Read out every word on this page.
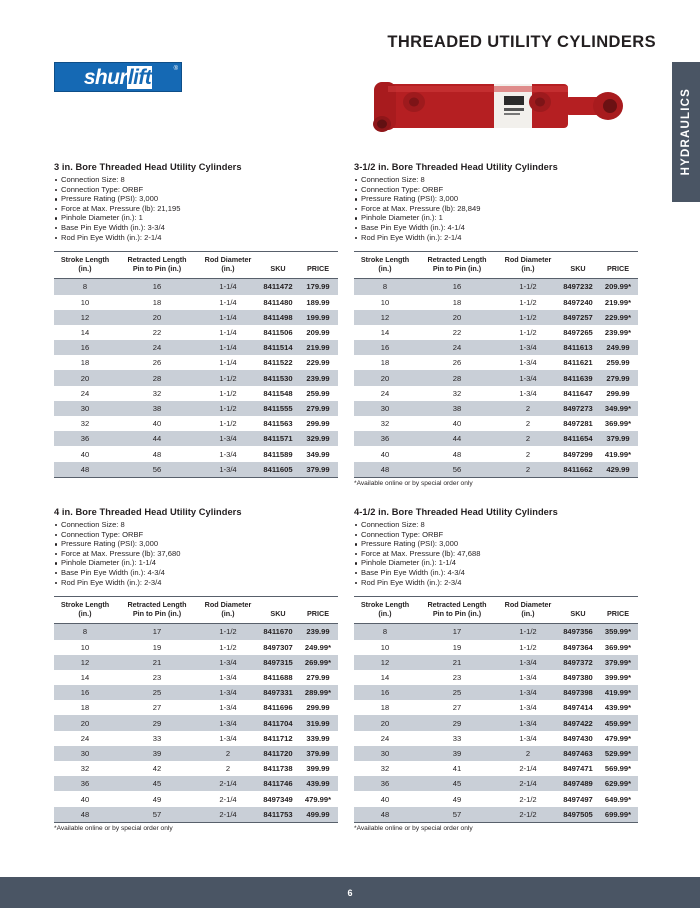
THREADED UTILITY CYLINDERS
HYDRAULICS
shurlift	®
3 in. Bore Threaded Head Utility Cylinders
Connection Size: 8
Connection Type: ORBF
Pressure Rating (PSI): 3,000
Force at Max. Pressure (lb): 21,195
Pinhole Diameter (in.): 1
Base Pin Eye Width (in.): 3-3/4
Rod Pin Eye Width (in.): 2-1/4
Stroke Length
(in.)	Retracted Length
Pin to Pin (in.)	Rod Diameter
(in.)	SKU	PRICE
8	16	1-1/4	8411472	179.99
10	18	1-1/4	8411480	189.99
12	20	1-1/4	8411498	199.99
14	22	1-1/4	8411506	209.99
16	24	1-1/4	8411514	219.99
18	26	1-1/4	8411522	229.99
20	28	1-1/2	8411530	239.99
24	32	1-1/2	8411548	259.99
30	38	1-1/2	8411555	279.99
32	40	1-1/2	8411563	299.99
36	44	1-3/4	8411571	329.99
40	48	1-3/4	8411589	349.99
48	56	1-3/4	8411605	379.99
3-1/2 in. Bore Threaded Head Utility Cylinders
Connection Size: 8
Connection Type: ORBF
Pressure Rating (PSI): 3,000
Force at Max. Pressure (lb): 28,849
Pinhole Diameter (in.): 1
Base Pin Eye Width (in.): 4-1/4
Rod Pin Eye Width (in.): 2-1/4
Stroke Length
(in.)	Retracted Length
Pin to Pin (in.)	Rod Diameter
(in.)	SKU	PRICE
8	16	1-1/2	8497232	209.99*
10	18	1-1/2	8497240	219.99*
12	20	1-1/2	8497257	229.99*
14	22	1-1/2	8497265	239.99*
16	24	1-3/4	8411613	249.99
18	26	1-3/4	8411621	259.99
20	28	1-3/4	8411639	279.99
24	32	1-3/4	8411647	299.99
30	38	2	8497273	349.99*
32	40	2	8497281	369.99*
36	44	2	8411654	379.99
40	48	2	8497299	419.99*
48	56	2	8411662	429.99
*Available online or by special order only
4 in. Bore Threaded Head Utility Cylinders
Connection Size: 8
Connection Type: ORBF
Pressure Rating (PSI): 3,000
Force at Max. Pressure (lb): 37,680
Pinhole Diameter (in.): 1-1/4
Base Pin Eye Width (in.): 4-3/4
Rod Pin Eye Width (in.): 2-3/4
Stroke Length
(in.)	Retracted Length
Pin to Pin (in.)	Rod Diameter
(in.)	SKU	PRICE
8	17	1-1/2	8411670	239.99
10	19	1-1/2	8497307	249.99*
12	21	1-3/4	8497315	269.99*
14	23	1-3/4	8411688	279.99
16	25	1-3/4	8497331	289.99*
18	27	1-3/4	8411696	299.99
20	29	1-3/4	8411704	319.99
24	33	1-3/4	8411712	339.99
30	39	2	8411720	379.99
32	42	2	8411738	399.99
36	45	2-1/4	8411746	439.99
40	49	2-1/4	8497349	479.99*
48	57	2-1/4	8411753	499.99
*Available online or by special order only
4-1/2 in. Bore Threaded Head Utility Cylinders
Connection Size: 8
Connection Type: ORBF
Pressure Rating (PSI): 3,000
Force at Max. Pressure (lb): 47,688
Pinhole Diameter (in.): 1-1/4
Base Pin Eye Width (in.): 4-3/4
Rod Pin Eye Width (in.): 2-3/4
Stroke Length
(in.)	Retracted Length
Pin to Pin (in.)	Rod Diameter
(in.)	SKU	PRICE
8	17	1-1/2	8497356	359.99*
10	19	1-1/2	8497364	369.99*
12	21	1-3/4	8497372	379.99*
14	23	1-3/4	8497380	399.99*
16	25	1-3/4	8497398	419.99*
18	27	1-3/4	8497414	439.99*
20	29	1-3/4	8497422	459.99*
24	33	1-3/4	8497430	479.99*
30	39	2	8497463	529.99*
32	41	2-1/4	8497471	569.99*
36	45	2-1/4	8497489	629.99*
40	49	2-1/2	8497497	649.99*
48	57	2-1/2	8497505	699.99*
*Available online or by special order only
6
